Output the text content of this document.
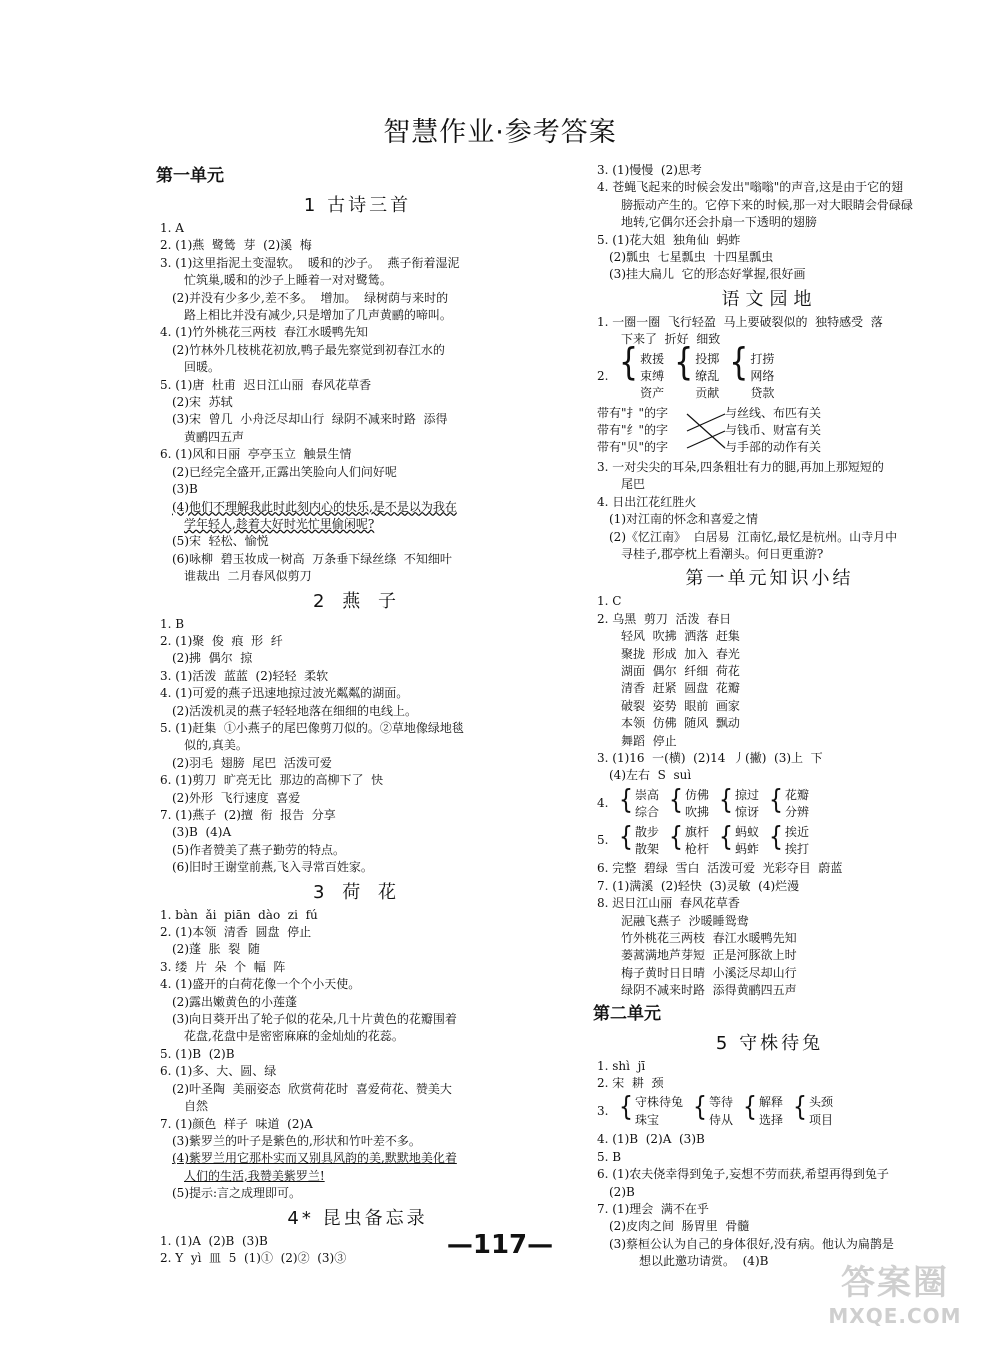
智慧作业·参考答案
第一单元
1 古诗三首
1. A
2. (1)燕  鹭鸶  芽  (2)溪  梅
3. (1)这里指泥土变湿软。  暖和的沙子。  燕子衔着湿泥
忙筑巢,暖和的沙子上睡着一对对鹭鸶。
(2)并没有少多少,差不多。  增加。  绿树荫与来时的
路上相比并没有减少,只是增加了几声黄鹂的啼叫。
4. (1)竹外桃花三两枝  春江水暖鸭先知
(2)竹林外几枝桃花初放,鸭子最先察觉到初春江水的
回暖。
5. (1)唐  杜甫  迟日江山丽  春风花草香
(2)宋  苏轼
(3)宋  曾几  小舟泛尽却山行  绿阴不减来时路  添得
黄鹂四五声
6. (1)风和日丽  亭亭玉立  触景生情
(2)已经完全盛开,正露出笑脸向人们问好呢
(3)B
(4)他们不理解我此时此刻内心的快乐,是不是以为我在
学年轻人,趁着大好时光忙里偷闲呢?
(5)宋  轻松、愉悦
(6)咏柳  碧玉妆成一树高  万条垂下绿丝绦  不知细叶
谁裁出  二月春风似剪刀
2 燕 子
1. B
2. (1)聚  俊  痕  形  纤
(2)拂  偶尔  掠
3. (1)活泼  蓝蓝  (2)轻轻  柔软
4. (1)可爱的燕子迅速地掠过波光粼粼的湖面。
(2)活泼机灵的燕子轻轻地落在细细的电线上。
5. (1)赶集  ①小燕子的尾巴像剪刀似的。②草地像绿地毯
似的,真美。
(2)羽毛  翅膀  尾巴  活泼可爱
6. (1)剪刀  旷亮无比  那边的高柳下了  快
(2)外形  飞行速度  喜爱
7. (1)燕子  (2)擅  衔  报告  分享
(3)B  (4)A
(5)作者赞美了燕子勤劳的特点。
(6)旧时王谢堂前燕,飞入寻常百姓家。
3 荷 花
1. bàn  ǎi  piān  dào  zi  fú
2. (1)本领  清香  圆盘  停止
(2)蓬  胀  裂  随
3. 缕  片  朵  个  幅  阵
4. (1)盛开的白荷花像一个个小天使。
(2)露出嫩黄色的小莲蓬
(3)向日葵开出了轮子似的花朵,几十片黄色的花瓣围着
花盘,花盘中是密密麻麻的金灿灿的花蕊。
5. (1)B  (2)B
6. (1)多、大、圆、绿
(2)叶圣陶  美丽姿态  欣赏荷花时  喜爱荷花、赞美大
自然
7. (1)颜色  样子  味道  (2)A
(3)紫罗兰的叶子是紫色的,形状和竹叶差不多。
(4)紫罗兰用它那朴实而又别具风韵的美,默默地美化着
人们的生活,我赞美紫罗兰!
(5)提示:言之成理即可。
4* 昆虫备忘录
1. (1)A  (2)B  (3)B
2. Y  yì  皿  5  (1)①  (2)②  (3)③
3. (1)慢慢  (2)思考
4. 苍蝇飞起来的时候会发出"嗡嗡"的声音,这是由于它的翅
膀振动产生的。它停下来的时候,那一对大眼睛会骨碌碌
地转,它偶尔还会扑扇一下透明的翅膀
5. (1)花大姐  独角仙  蚂蚱
(2)瓢虫  七星瓢虫  十四星瓢虫
(3)挂大扁儿  它的形态好掌握,很好画
语文园地
1. 一圈一圈  飞行轻盈  马上要破裂似的  独特感受  落
下来了  折好  细致
2. { 救援
束缚
资产
{ 投掷
缭乱
贡献
{ 打捞
网络
贷款
带有"扌"的字
带有"纟"的字
带有"贝"的字
与丝线、布匹有关
与钱币、财富有关
与手部的动作有关
3. 一对尖尖的耳朵,四条粗壮有力的腿,再加上那短短的
尾巴
4. 日出江花红胜火
(1)对江南的怀念和喜爱之情
(2)《忆江南》  白居易  江南忆,最忆是杭州。山寺月中
寻桂子,郡亭枕上看潮头。何日更重游?
第一单元知识小结
1. C
2. 乌黑  剪刀  活泼  春日
轻风  吹拂  洒落  赶集
聚拢  形成  加入  春光
湖面  偶尔  纤细  荷花
清香  赶紧  圆盘  花瓣
破裂  姿势  眼前  画家
本领  仿佛  随风  飘动
舞蹈  停止
3. (1)16  一(横)  (2)14  丿(撇)  (3)上  下
(4)左右  S  suì
4. { 崇高
综合 { 仿佛
吹拂 { 掠过
惊讶 { 花瓣
分辨
5. { 散步
散架 { 旗杆
枪杆 { 蚂蚁
蚂蚱 { 挨近
挨打
6. 完整  碧绿  雪白  活泼可爱  光彩夺目  蔚蓝
7. (1)满溪  (2)轻快  (3)灵敏  (4)烂漫
8. 迟日江山丽  春风花草香
泥融飞燕子  沙暖睡鸳鸯
竹外桃花三两枝  春江水暖鸭先知
蒌蒿满地芦芽短  正是河豚欲上时
梅子黄时日日晴  小溪泛尽却山行
绿阴不减来时路  添得黄鹂四五声
第二单元
5 守株待兔
1. shì  jī
2. 宋  耕  颈
3. { 守株待兔
珠宝	{ 等待
侍从 { 解释
选择 { 头颈
项目
4. (1)B  (2)A  (3)B
5. B
6. (1)农夫侥幸得到兔子,妄想不劳而获,希望再得到兔子
(2)B
7. (1)理会  满不在乎
(2)皮肉之间  肠胃里  骨髓
(3)蔡桓公认为自己的身体很好,没有病。他认为扁鹊是
想以此邀功请赏。  (4)B
—117—
答案圈
MXQE.COM
